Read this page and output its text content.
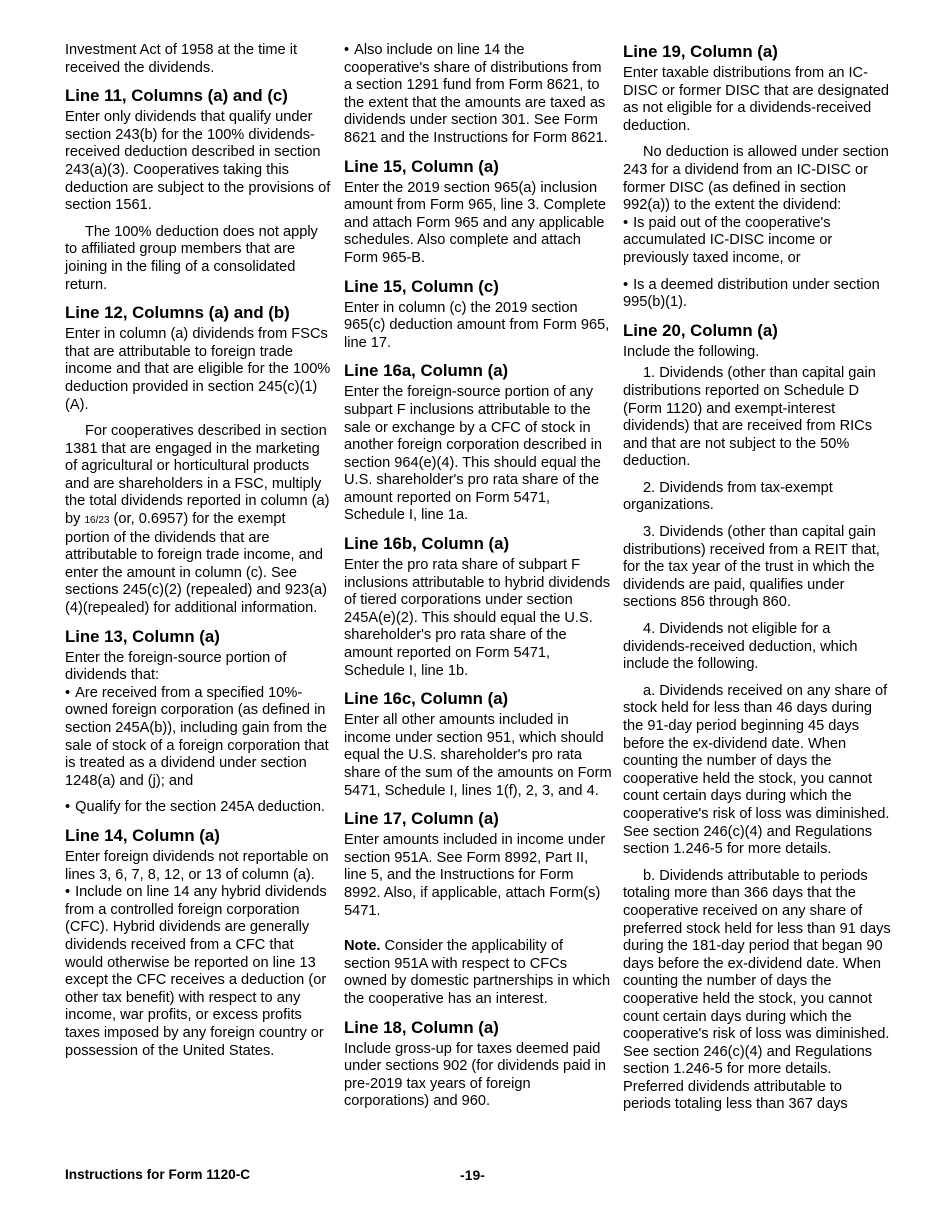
Investment Act of 1958 at the time it received the dividends.

Line 11, Columns (a) and (c)

Enter only dividends that qualify under section 243(b) for the 100% dividends-received deduction described in section 243(a)(3). Cooperatives taking this deduction are subject to the provisions of section 1561.

The 100% deduction does not apply to affiliated group members that are joining in the filing of a consolidated return.

Line 12, Columns (a) and (b)

Enter in column (a) dividends from FSCs that are attributable to foreign trade income and that are eligible for the 100% deduction provided in section 245(c)(1)(A).

For cooperatives described in section 1381 that are engaged in the marketing of agricultural or horticultural products and are shareholders in a FSC, multiply the total dividends reported in column (a) by 16/23 (or, 0.6957) for the exempt portion of the dividends that are attributable to foreign trade income, and enter the amount in column (c). See sections 245(c)(2) (repealed) and 923(a)(4)(repealed) for additional information.

Line 13, Column (a)

Enter the foreign-source portion of dividends that:

• Are received from a specified 10%-owned foreign corporation (as defined in section 245A(b)), including gain from the sale of stock of a foreign corporation that is treated as a dividend under section 1248(a) and (j); and

• Qualify for the section 245A deduction.

Line 14, Column (a)

Enter foreign dividends not reportable on lines 3, 6, 7, 8, 12, or 13 of column (a).

• Include on line 14 any hybrid dividends from a controlled foreign corporation (CFC). Hybrid dividends are generally dividends received from a CFC that would otherwise be reported on line 13 except the CFC receives a deduction (or other tax benefit) with respect to any income, war profits, or excess profits taxes imposed by any foreign country or possession of the United States.

• Also include on line 14 the cooperative's share of distributions from a section 1291 fund from Form 8621, to the extent that the amounts are taxed as dividends under section 301. See Form 8621 and the Instructions for Form 8621.

Line 15, Column (a)

Enter the 2019 section 965(a) inclusion amount from Form 965, line 3. Complete and attach Form 965 and any applicable schedules. Also complete and attach Form 965-B.

Line 15, Column (c)

Enter in column (c) the 2019 section 965(c) deduction amount from Form 965, line 17.

Line 16a, Column (a)

Enter the foreign-source portion of any subpart F inclusions attributable to the sale or exchange by a CFC of stock in another foreign corporation described in section 964(e)(4). This should equal the U.S. shareholder's pro rata share of the amount reported on Form 5471, Schedule I, line 1a.

Line 16b, Column (a)

Enter the pro rata share of subpart F inclusions attributable to hybrid dividends of tiered corporations under section 245A(e)(2). This should equal the U.S. shareholder's pro rata share of the amount reported on Form 5471, Schedule I, line 1b.

Line 16c, Column (a)

Enter all other amounts included in income under section 951, which should equal the U.S. shareholder's pro rata share of the sum of the amounts on Form 5471, Schedule I, lines 1(f), 2, 3, and 4.

Line 17, Column (a)

Enter amounts included in income under section 951A. See Form 8992, Part II, line 5, and the Instructions for Form 8992. Also, if applicable, attach Form(s) 5471.

Note. Consider the applicability of section 951A with respect to CFCs owned by domestic partnerships in which the cooperative has an interest.

Line 18, Column (a)

Include gross-up for taxes deemed paid under sections 902 (for dividends paid in pre-2019 tax years of foreign corporations) and 960.

Line 19, Column (a)

Enter taxable distributions from an IC-DISC or former DISC that are designated as not eligible for a dividends-received deduction.

No deduction is allowed under section 243 for a dividend from an IC-DISC or former DISC (as defined in section 992(a)) to the extent the dividend:

• Is paid out of the cooperative's accumulated IC-DISC income or previously taxed income, or

• Is a deemed distribution under section 995(b)(1).

Line 20, Column (a)

Include the following.

1. Dividends (other than capital gain distributions reported on Schedule D (Form 1120) and exempt-interest dividends) that are received from RICs and that are not subject to the 50% deduction.

2. Dividends from tax-exempt organizations.

3. Dividends (other than capital gain distributions) received from a REIT that, for the tax year of the trust in which the dividends are paid, qualifies under sections 856 through 860.

4. Dividends not eligible for a dividends-received deduction, which include the following.

a. Dividends received on any share of stock held for less than 46 days during the 91-day period beginning 45 days before the ex-dividend date. When counting the number of days the cooperative held the stock, you cannot count certain days during which the cooperative's risk of loss was diminished. See section 246(c)(4) and Regulations section 1.246-5 for more details.

b. Dividends attributable to periods totaling more than 366 days that the cooperative received on any share of preferred stock held for less than 91 days during the 181-day period that began 90 days before the ex-dividend date. When counting the number of days the cooperative held the stock, you cannot count certain days during which the cooperative's risk of loss was diminished. See section 246(c)(4) and Regulations section 1.246-5 for more details. Preferred dividends attributable to periods totaling less than 367 days

Instructions for Form 1120-C	-19-
